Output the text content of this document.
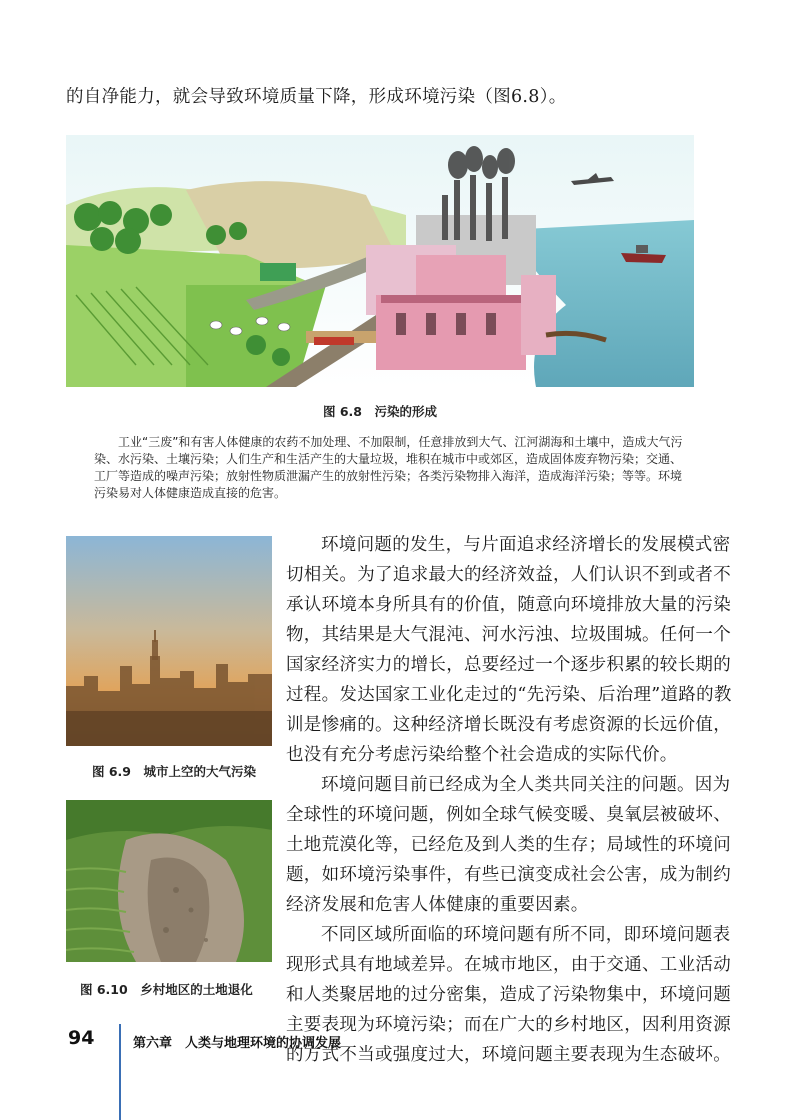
的自净能力，就会导致环境质量下降，形成环境污染（图6.8）。
图 6.8　污染的形成
工业“三废”和有害人体健康的农药不加处理、不加限制，任意排放到大气、江河湖海和土壤中，造成大气污染、水污染、土壤污染；人们生产和生活产生的大量垃圾，堆积在城市中或郊区，造成固体废弃物污染；交通、工厂等造成的噪声污染；放射性物质泄漏产生的放射性污染；各类污染物排入海洋，造成海洋污染；等等。环境污染易对人体健康造成直接的危害。
图 6.9　城市上空的大气污染
图 6.10　乡村地区的土地退化

环境问题的发生，与片面追求经济增长的发展模式密切相关。为了追求最大的经济效益，人们认识不到或者不承认环境本身所具有的价值，随意向环境排放大量的污染物，其结果是大气混沌、河水污浊、垃圾围城。任何一个国家经济实力的增长，总要经过一个逐步积累的较长期的过程。发达国家工业化走过的“先污染、后治理”道路的教训是惨痛的。这种经济增长既没有考虑资源的长远价值，也没有充分考虑污染给整个社会造成的实际代价。

环境问题目前已经成为全人类共同关注的问题。因为全球性的环境问题，例如全球气候变暖、臭氧层被破坏、土地荒漠化等，已经危及到人类的生存；局域性的环境问题，如环境污染事件，有些已演变成社会公害，成为制约经济发展和危害人体健康的重要因素。

不同区域所面临的环境问题有所不同，即环境问题表现形式具有地域差异。在城市地区，由于交通、工业活动和人类聚居地的过分密集，造成了污染物集中，环境问题主要表现为环境污染；而在广大的乡村地区，因利用资源的方式不当或强度过大，环境问题主要表现为生态破坏。

94	第六章　人类与地理环境的协调发展
